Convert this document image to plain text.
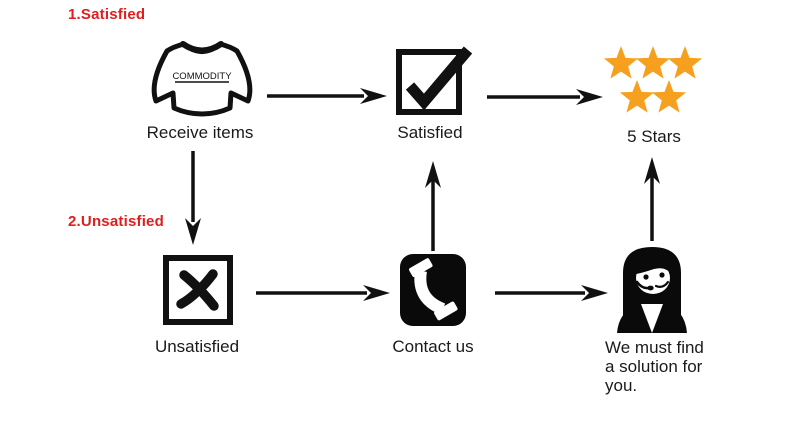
1.Satisfied
2.Unsatisfied
COMMODITY
Receive items	Satisfied	5 Stars
Unsatisfied	Contact us	We must find
a solution for
you.
